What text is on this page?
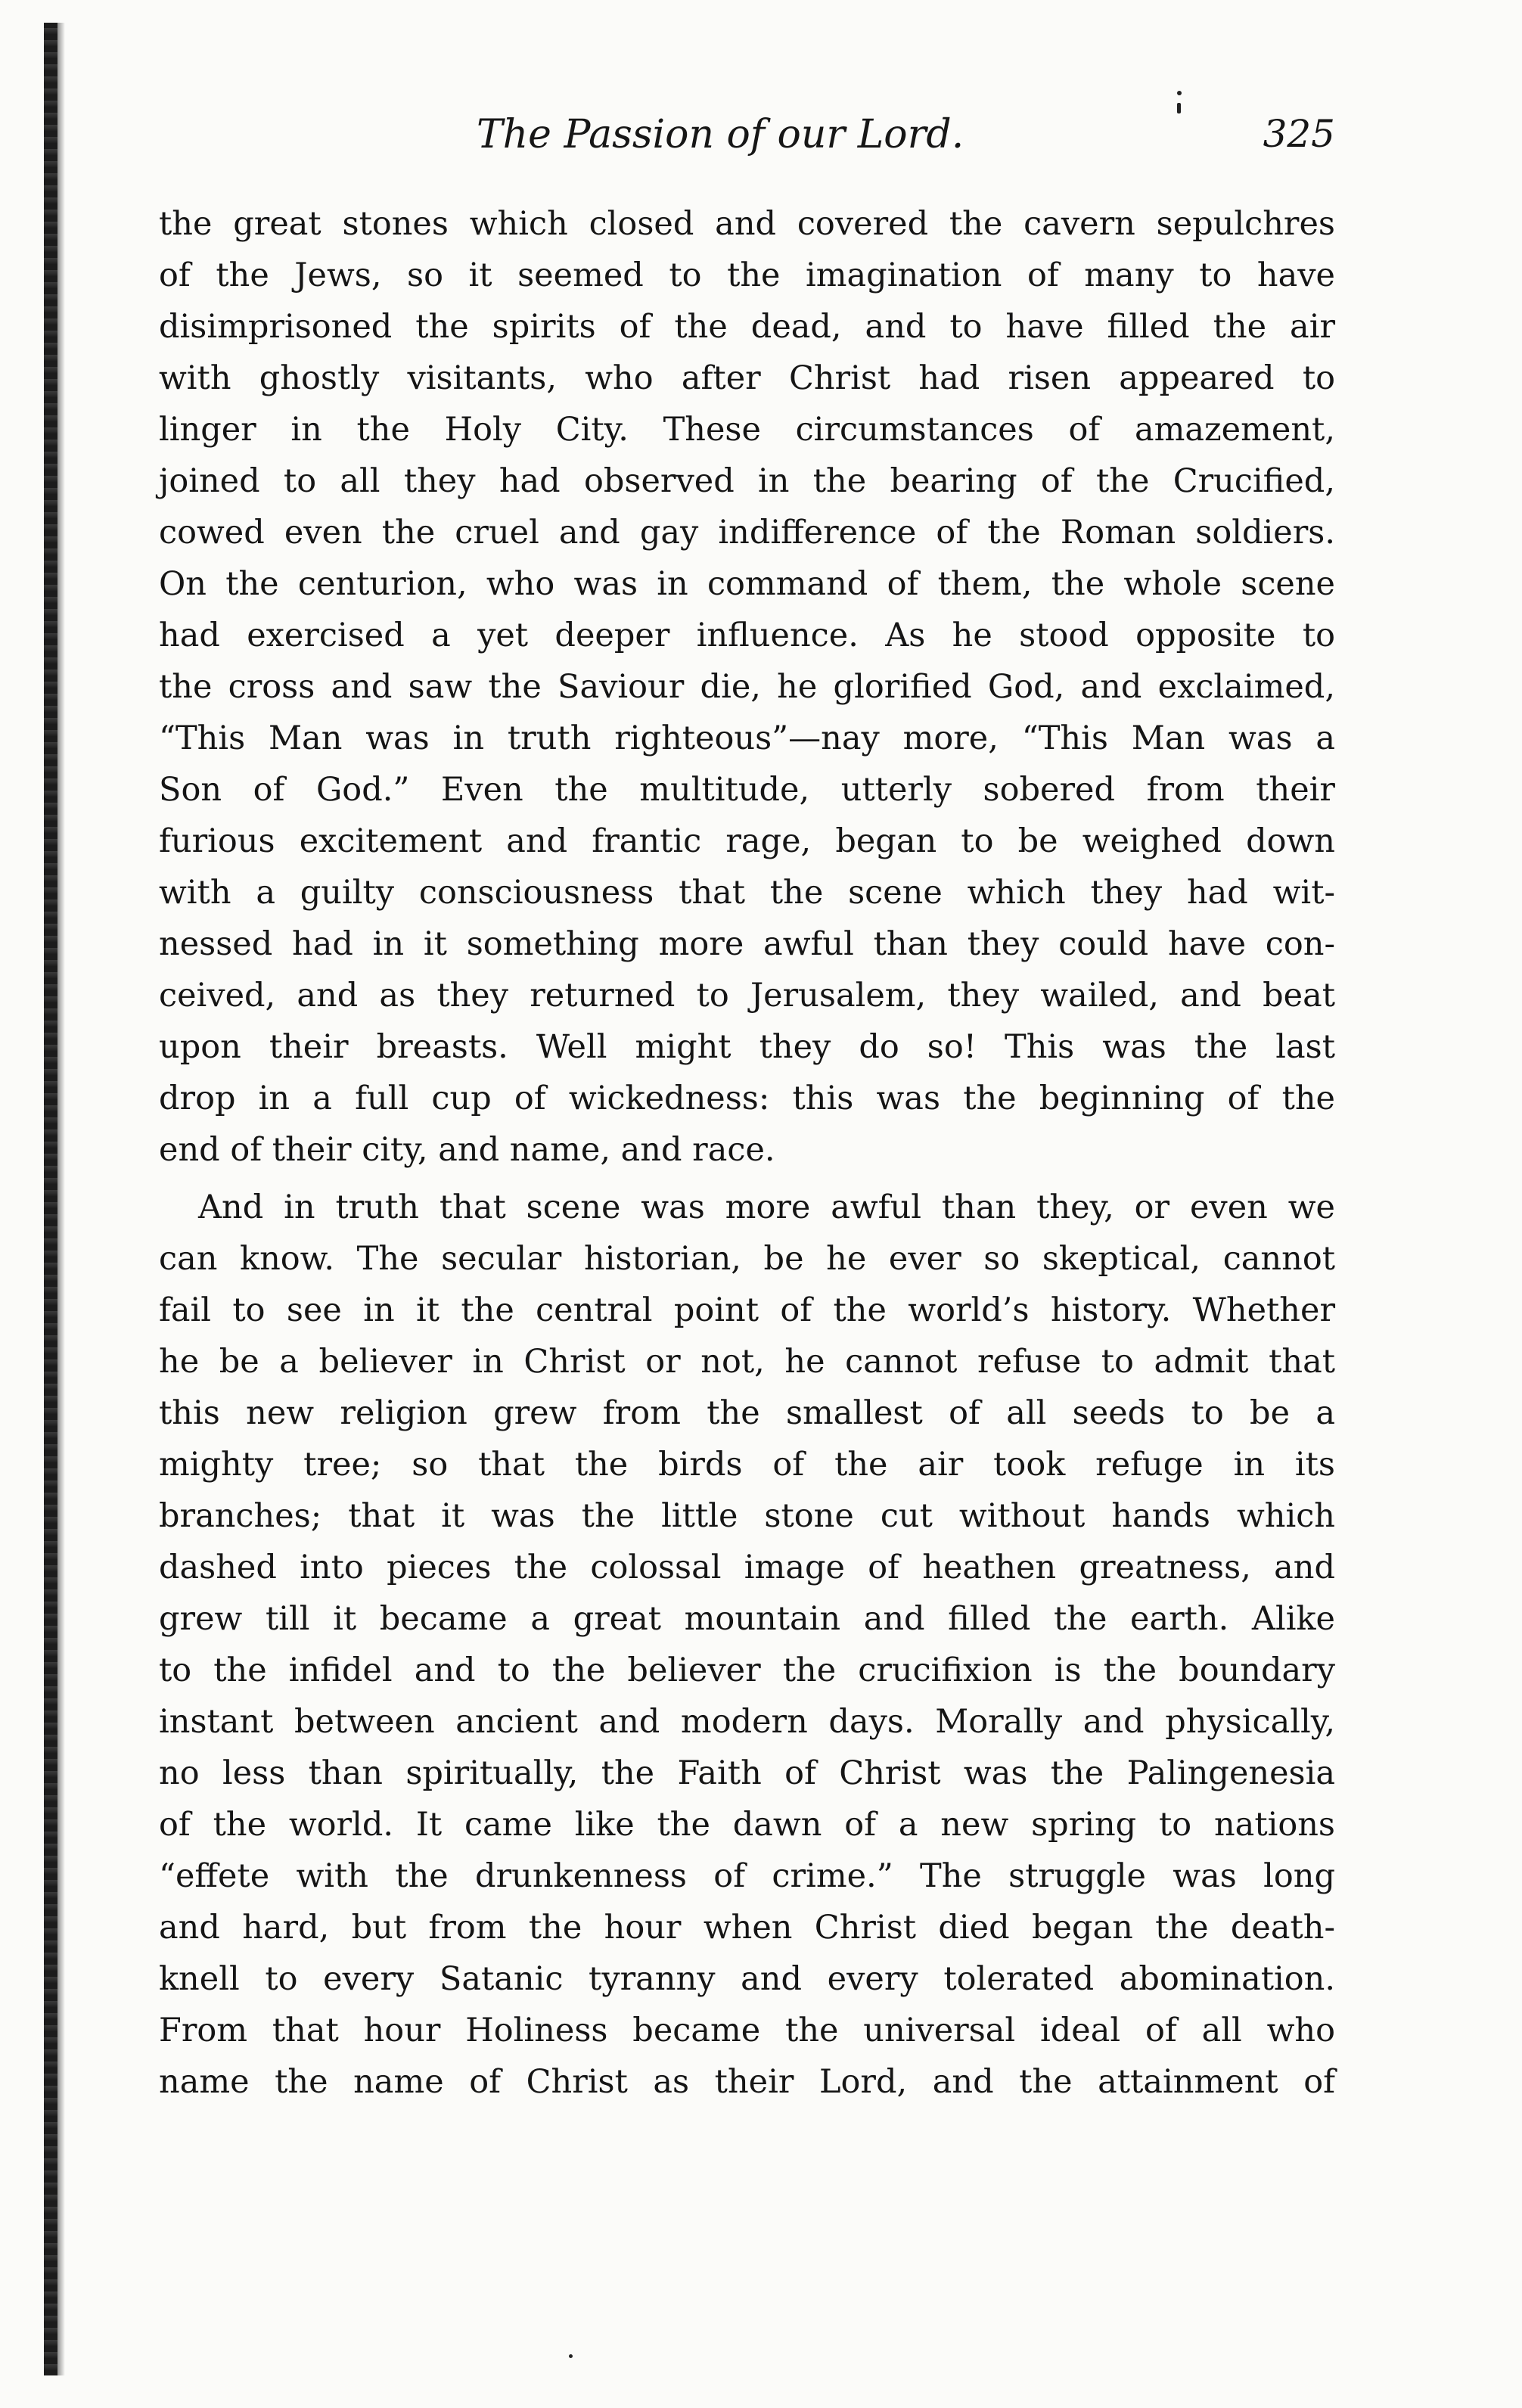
The Passion of our Lord.	325
the great stones which closed and covered the cavern sepulchres
of the Jews, so it seemed to the imagination of many to have
disimprisoned the spirits of the dead, and to have filled the air
with ghostly visitants, who after Christ had risen appeared to
linger in the Holy City. These circumstances of amazement,
joined to all they had observed in the bearing of the Crucified,
cowed even the cruel and gay indifference of the Roman soldiers.
On the centurion, who was in command of them, the whole scene
had exercised a yet deeper influence. As he stood opposite to
the cross and saw the Saviour die, he glorified God, and exclaimed,
“This Man was in truth righteous”—nay more, “This Man was a
Son of God.” Even the multitude, utterly sobered from their
furious excitement and frantic rage, began to be weighed down
with a guilty consciousness that the scene which they had wit-
nessed had in it something more awful than they could have con-
ceived, and as they returned to Jerusalem, they wailed, and beat
upon their breasts. Well might they do so! This was the last
drop in a full cup of wickedness: this was the beginning of the
end of their city, and name, and race.
And in truth that scene was more awful than they, or even we
can know. The secular historian, be he ever so skeptical, cannot
fail to see in it the central point of the world’s history. Whether
he be a believer in Christ or not, he cannot refuse to admit that
this new religion grew from the smallest of all seeds to be a
mighty tree; so that the birds of the air took refuge in its
branches; that it was the little stone cut without hands which
dashed into pieces the colossal image of heathen greatness, and
grew till it became a great mountain and filled the earth. Alike
to the infidel and to the believer the crucifixion is the boundary
instant between ancient and modern days. Morally and physically,
no less than spiritually, the Faith of Christ was the Palingenesia
of the world. It came like the dawn of a new spring to nations
“effete with the drunkenness of crime.” The struggle was long
and hard, but from the hour when Christ died began the death-
knell to every Satanic tyranny and every tolerated abomination.
From that hour Holiness became the universal ideal of all who
name the name of Christ as their Lord, and the attainment of
